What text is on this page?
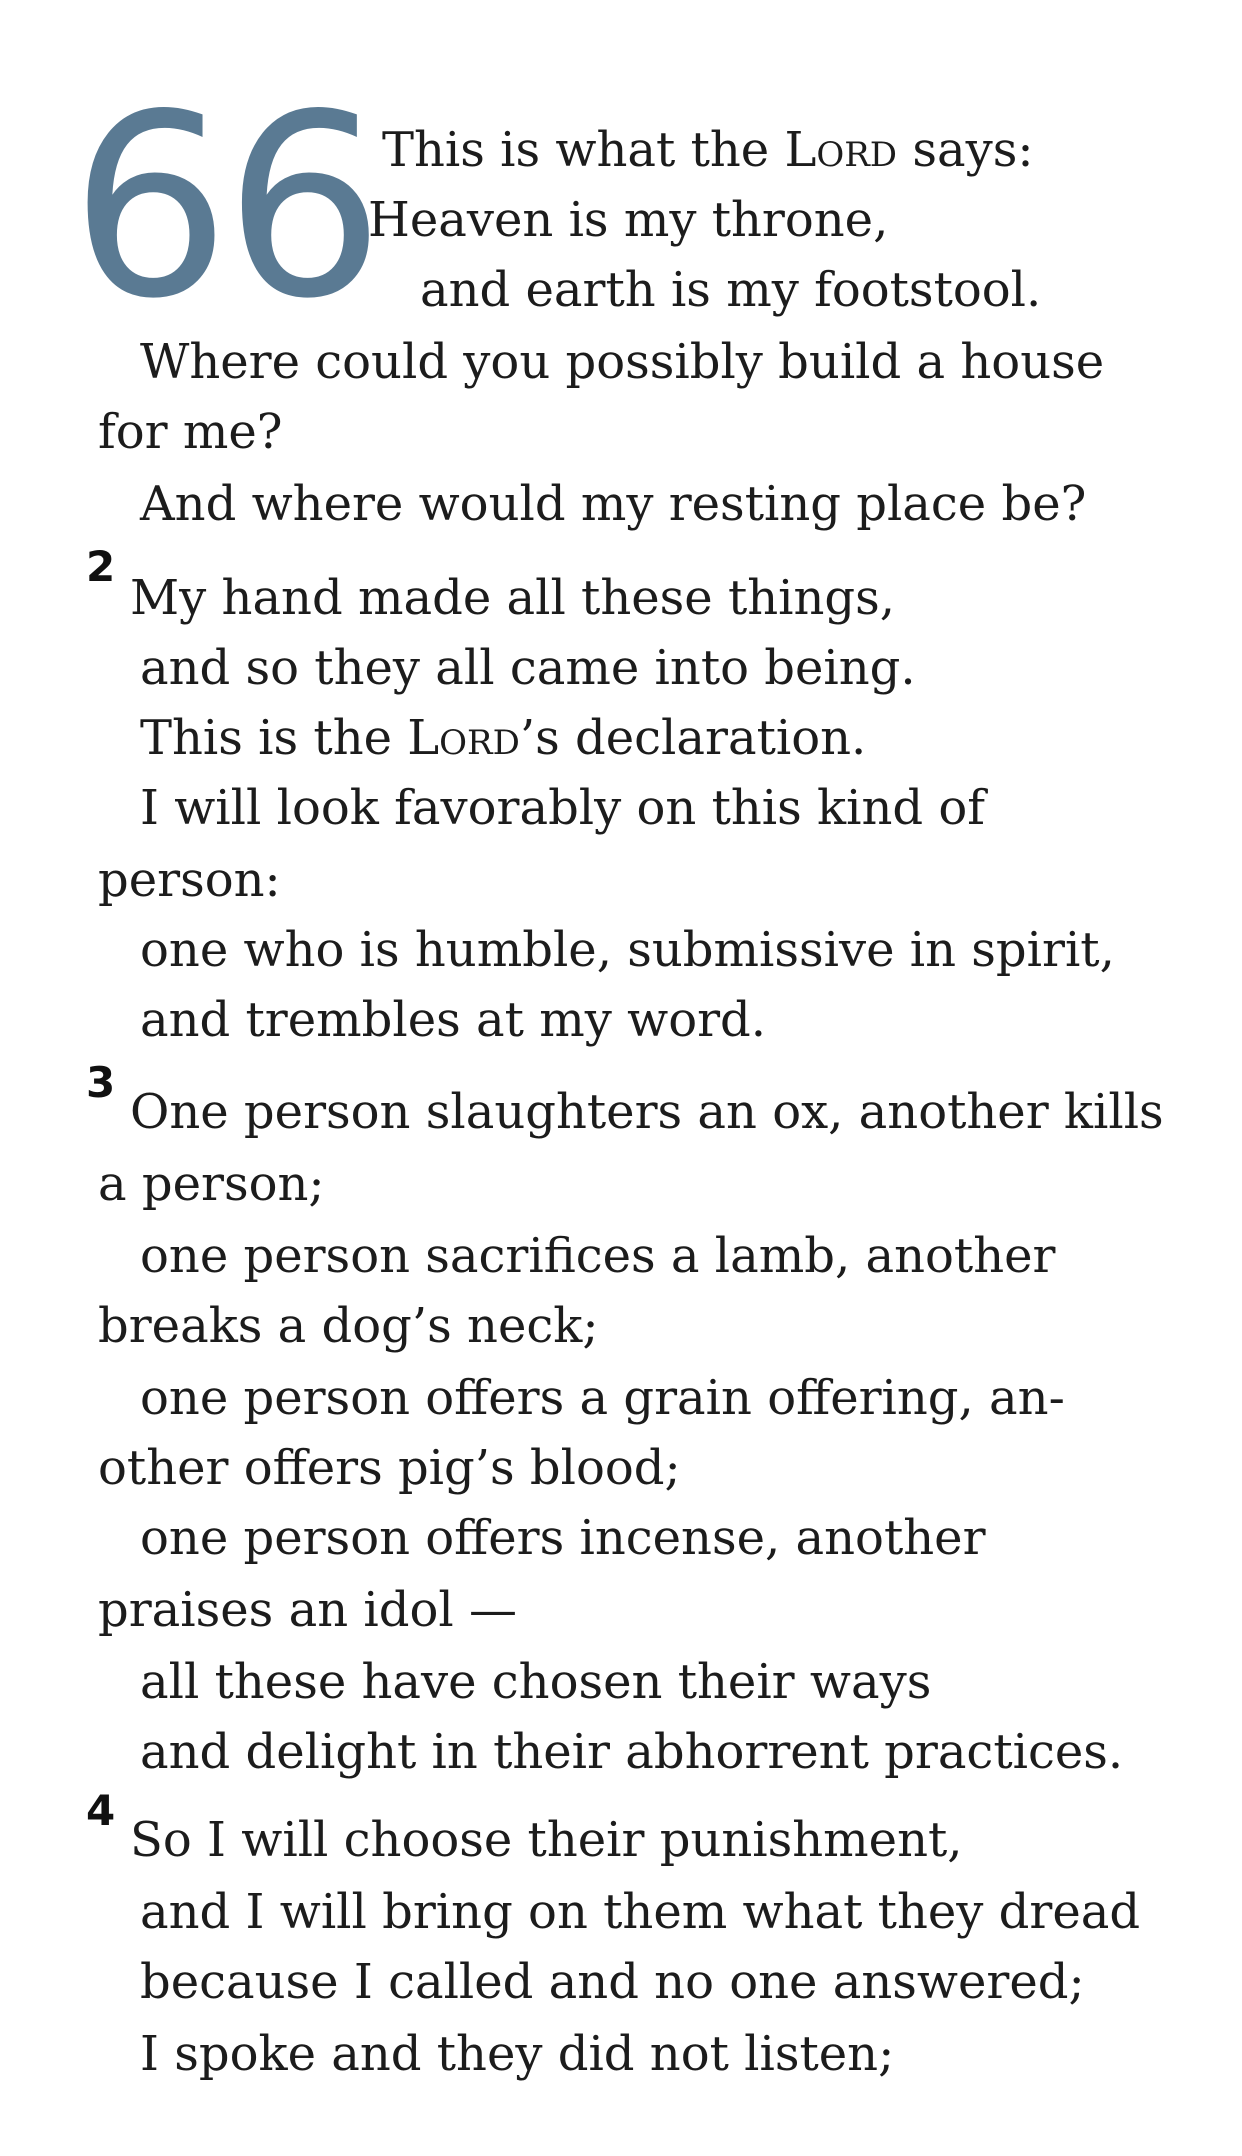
66 This is what the Lord says:
Heaven is my throne,
and earth is my footstool.
Where could you possibly build a house
for me?
And where would my resting place be?
2
My hand made all these things,
and so they all came into being.
This is the Lord’s declaration.
I will look favorably on this kind of
person:
one who is humble, submissive in spirit,
and trembles at my word.
3
One person slaughters an ox, another kills
a person;
one person sacrifices a lamb, another
breaks a dog’s neck;
one person offers a grain offering, an-
other offers pig’s blood;
one person offers incense, another
praises an idol —
all these have chosen their ways
and delight in their abhorrent practices.
4
So I will choose their punishment,
and I will bring on them what they dread
because I called and no one answered;
I spoke and they did not listen;
